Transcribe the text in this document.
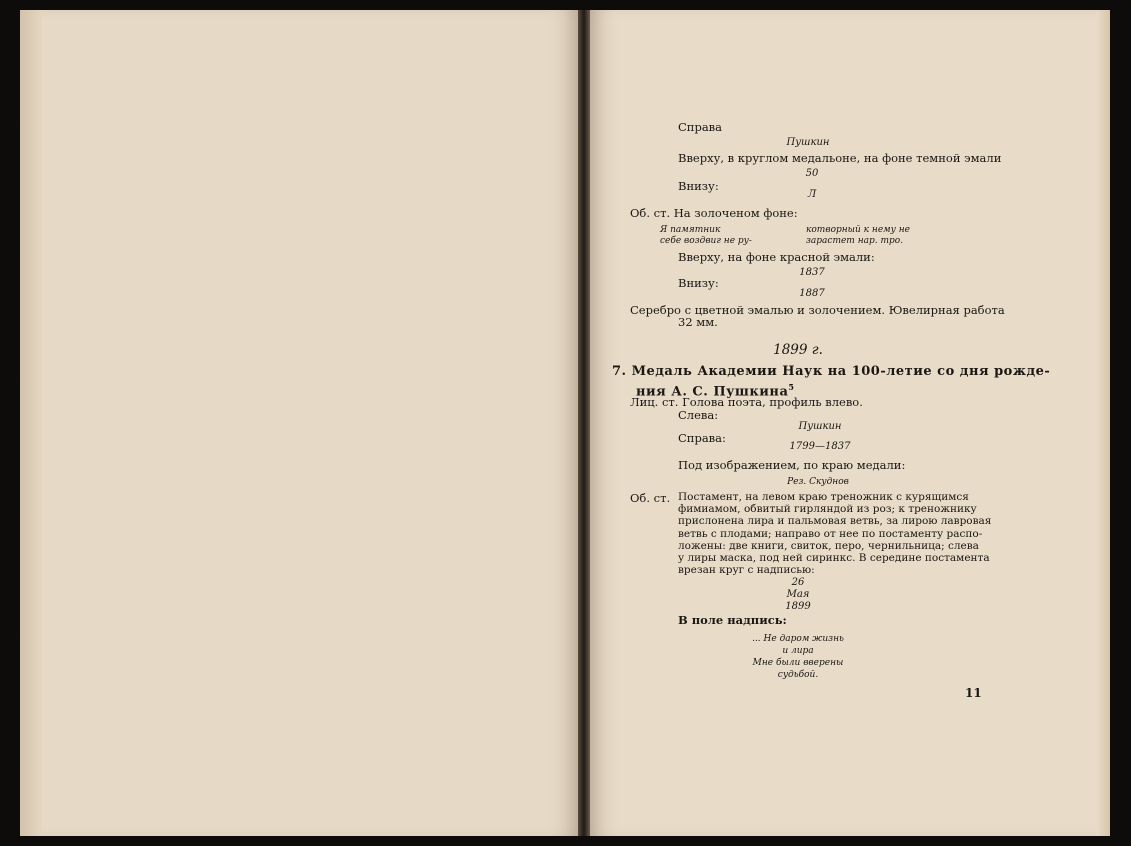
Справа
Пушкин
Вверху, в круглом медальоне, на фоне темной эмали
50
Внизу:
Л
Об. ст. На золоченом фоне:
Я памятник
себе воздвиг не ру-
котворный к нему не
зарастет нар. тро.
Вверху, на фоне красной эмали:
1837
Внизу:
1887
Серебро с цветной эмалью и золочением. Ювелирная работа
32 мм.
1899 г.
7. Медаль Академии Наук на 100-летие со дня рожде-
ния А. С. Пушкина$^5$
Лиц. ст. Голова поэта, профиль влево.
Слева:
Пушкин
Справа:
1799—1837
Под изображением, по краю медали:
Рез. Скуднов
Об. ст. Постамент, на левом краю треножник с курящимся
фимиамом, обвитый гирляндой из роз; к треножнику
прислонена лира и пальмовая ветвь, за лирою лавровая
ветвь с плодами; направо от нее по постаменту распо-
ложены: две книги, свиток, перо, чернильница; слева
у лиры маска, под ней сиринкс. В середине постамента
врезан круг с надписью:
26
Мая
1899
В поле надпись:
... Не даром жизнь
и лира
Мне были вверены
судьбой.
11
